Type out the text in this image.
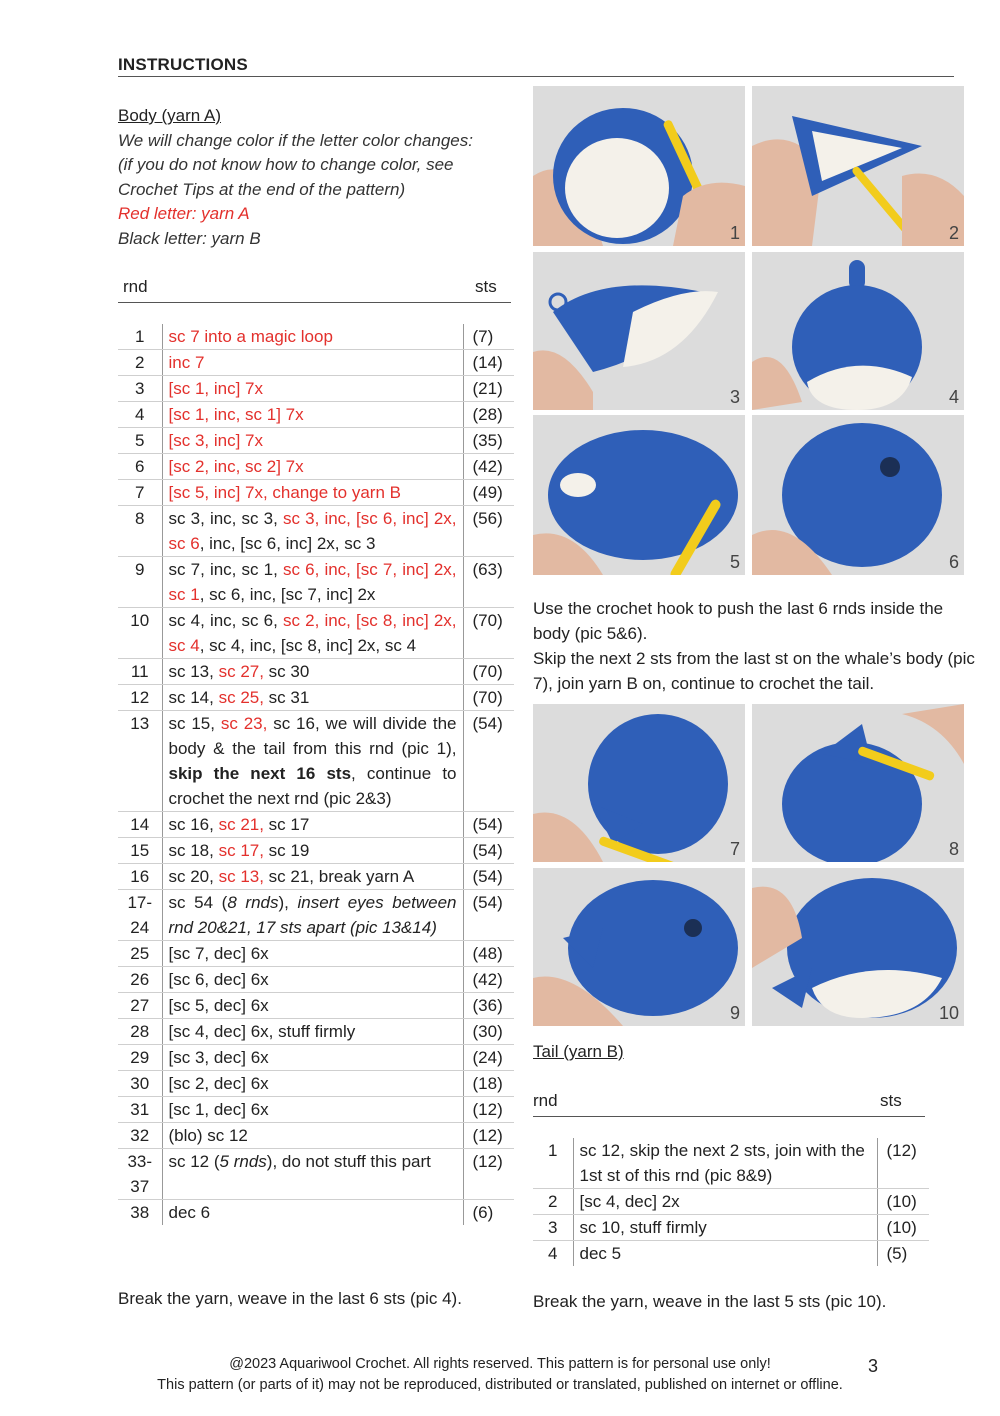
INSTRUCTIONS
Body (yarn A)
We will change color if the letter color changes:
(if you do not know how to change color, see
Crochet Tips at the end of the pattern)
Red letter: yarn A
Black letter: yarn B
rnd	sts
1	sc 7 into a magic loop	(7)
2	inc 7	(14)
3	[sc 1, inc] 7x	(21)
4	[sc 1, inc, sc 1] 7x	(28)
5	[sc 3, inc] 7x	(35)
6	[sc 2, inc, sc 2] 7x	(42)
7	[sc 5, inc] 7x, change to yarn B	(49)
8	sc 3, inc, sc 3, sc 3, inc, [sc 6, inc] 2x, sc 6, inc, [sc 6, inc] 2x, sc 3	(56)
9	sc 7, inc, sc 1, sc 6, inc, [sc 7, inc] 2x, sc 1, sc 6, inc, [sc 7, inc] 2x	(63)
10	sc 4, inc, sc 6, sc 2, inc, [sc 8, inc] 2x, sc 4, sc 4, inc, [sc 8, inc] 2x, sc 4	(70)
11	sc 13, sc 27, sc 30	(70)
12	sc 14, sc 25, sc 31	(70)
13	sc 15, sc 23, sc 16, we will divide the body & the tail from this rnd (pic 1), skip the next 16 sts, continue to crochet the next rnd (pic 2&3)	(54)
14	sc 16, sc 21, sc 17	(54)
15	sc 18, sc 17, sc 19	(54)
16	sc 20, sc 13, sc 21, break yarn A	(54)

17-
24	sc 54 (8 rnds), insert eyes between rnd 20&21, 17 sts apart (pic 13&14)	(54)
25	[sc 7, dec] 6x	(48)
26	[sc 6, dec] 6x	(42)
27	[sc 5, dec] 6x	(36)
28	[sc 4, dec] 6x, stuff firmly	(30)
29	[sc 3, dec] 6x	(24)
30	[sc 2, dec] 6x	(18)
31	[sc 1, dec] 6x	(12)
32	(blo) sc 12	(12)

33-
37	sc 12 (5 rnds), do not stuff this part	(12)
38	dec 6	(6)
Break the yarn, weave in the last 6 sts (pic 4).
1	2
3	4
5	6
Use the crochet hook to push the last 6 rnds inside the body (pic 5&6).
Skip the next 2 sts from the last st on the whale’s body (pic 7), join yarn B on, continue to crochet the tail.
7	8
9	10
Tail (yarn B)
rnd	sts
1	sc 12, skip the next 2 sts, join with the 1st st of this rnd (pic 8&9)	(12)
2	[sc 4, dec] 2x	(10)
3	sc 10, stuff firmly	(10)
4	dec 5	(5)
Break the yarn, weave in the last 5 sts (pic 10).
@2023 Aquariwool Crochet. All rights reserved. This pattern is for personal use only!
This pattern (or parts of it) may not be reproduced, distributed or translated, published on internet or offline.
3
